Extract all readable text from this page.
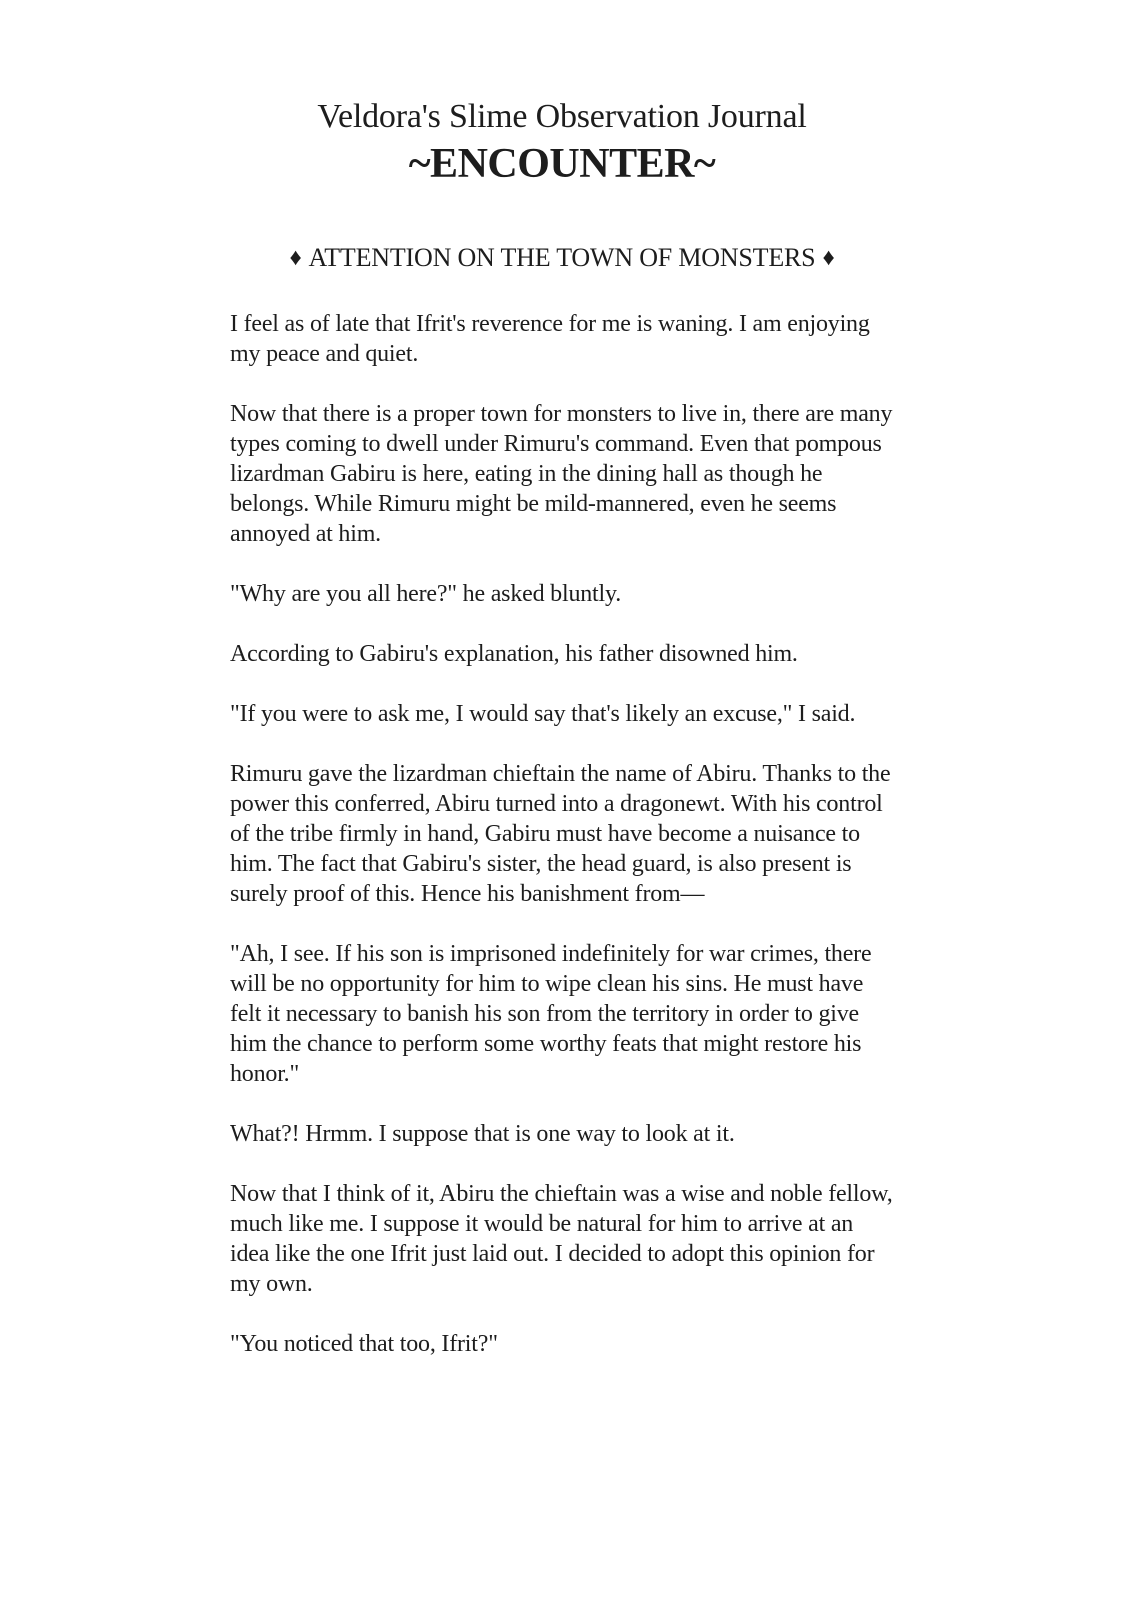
Veldora's Slime Observation Journal
~ENCOUNTER~
♦ ATTENTION ON THE TOWN OF MONSTERS ♦

I feel as of late that Ifrit's reverence for me is waning. I am enjoying my peace and quiet.

Now that there is a proper town for monsters to live in, there are many types coming to dwell under Rimuru's command. Even that pompous lizardman Gabiru is here, eating in the dining hall as though he belongs. While Rimuru might be mild-mannered, even he seems annoyed at him.

"Why are you all here?" he asked bluntly.

According to Gabiru's explanation, his father disowned him.

"If you were to ask me, I would say that's likely an excuse," I said.

Rimuru gave the lizardman chieftain the name of Abiru. Thanks to the power this conferred, Abiru turned into a dragonewt. With his control of the tribe firmly in hand, Gabiru must have become a nuisance to him. The fact that Gabiru's sister, the head guard, is also present is surely proof of this. Hence his banishment from—

"Ah, I see. If his son is imprisoned indefinitely for war crimes, there will be no opportunity for him to wipe clean his sins. He must have felt it necessary to banish his son from the territory in order to give him the chance to perform some worthy feats that might restore his honor."

What?! Hrmm. I suppose that is one way to look at it.

Now that I think of it, Abiru the chieftain was a wise and noble fellow, much like me. I suppose it would be natural for him to arrive at an idea like the one Ifrit just laid out. I decided to adopt this opinion for my own.

"You noticed that too, Ifrit?"
